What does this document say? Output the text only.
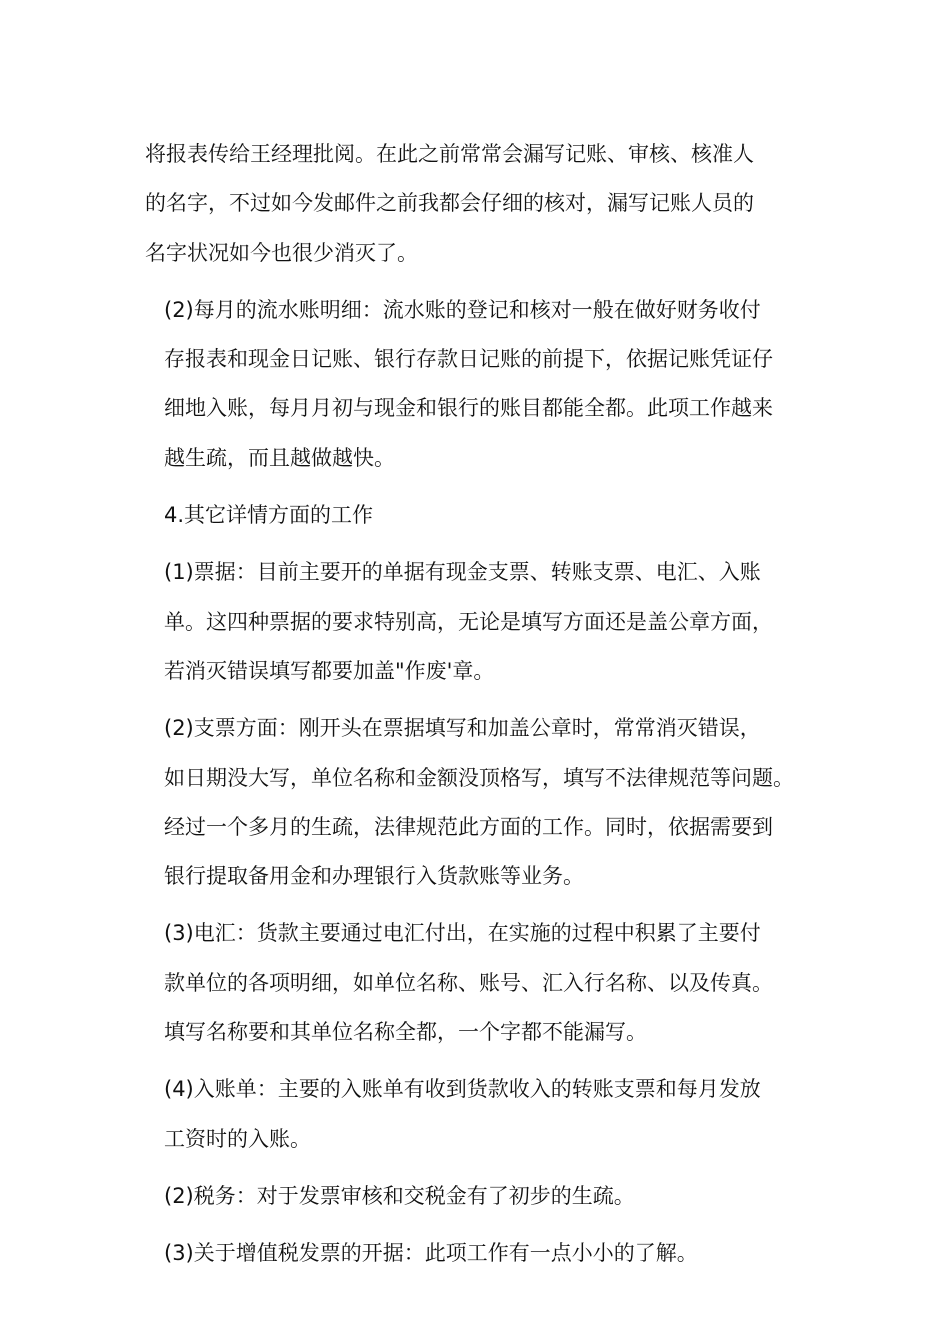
将报表传给王经理批阅。在此之前常常会漏写记账、审核、核准人
的名字，不过如今发邮件之前我都会仔细的核对，漏写记账人员的
名字状况如今也很少消灭了。

(2)每月的流水账明细：流水账的登记和核对一般在做好财务收付
存报表和现金日记账、银行存款日记账的前提下，依据记账凭证仔
细地入账，每月月初与现金和银行的账目都能全都。此项工作越来
越生疏，而且越做越快。

4.其它详情方面的工作

(1)票据：目前主要开的单据有现金支票、转账支票、电汇、入账
单。这四种票据的要求特别高，无论是填写方面还是盖公章方面，
若消灭错误填写都要加盖"作废'章。

(2)支票方面：刚开头在票据填写和加盖公章时，常常消灭错误，
如日期没大写，单位名称和金额没顶格写，填写不法律规范等问题。
经过一个多月的生疏，法律规范此方面的工作。同时，依据需要到
银行提取备用金和办理银行入货款账等业务。

(3)电汇：货款主要通过电汇付出，在实施的过程中积累了主要付
款单位的各项明细，如单位名称、账号、汇入行名称、以及传真。
填写名称要和其单位名称全都，一个字都不能漏写。

(4)入账单：主要的入账单有收到货款收入的转账支票和每月发放
工资时的入账。

(2)税务：对于发票审核和交税金有了初步的生疏。

(3)关于增值税发票的开据：此项工作有一点小小的了解。
